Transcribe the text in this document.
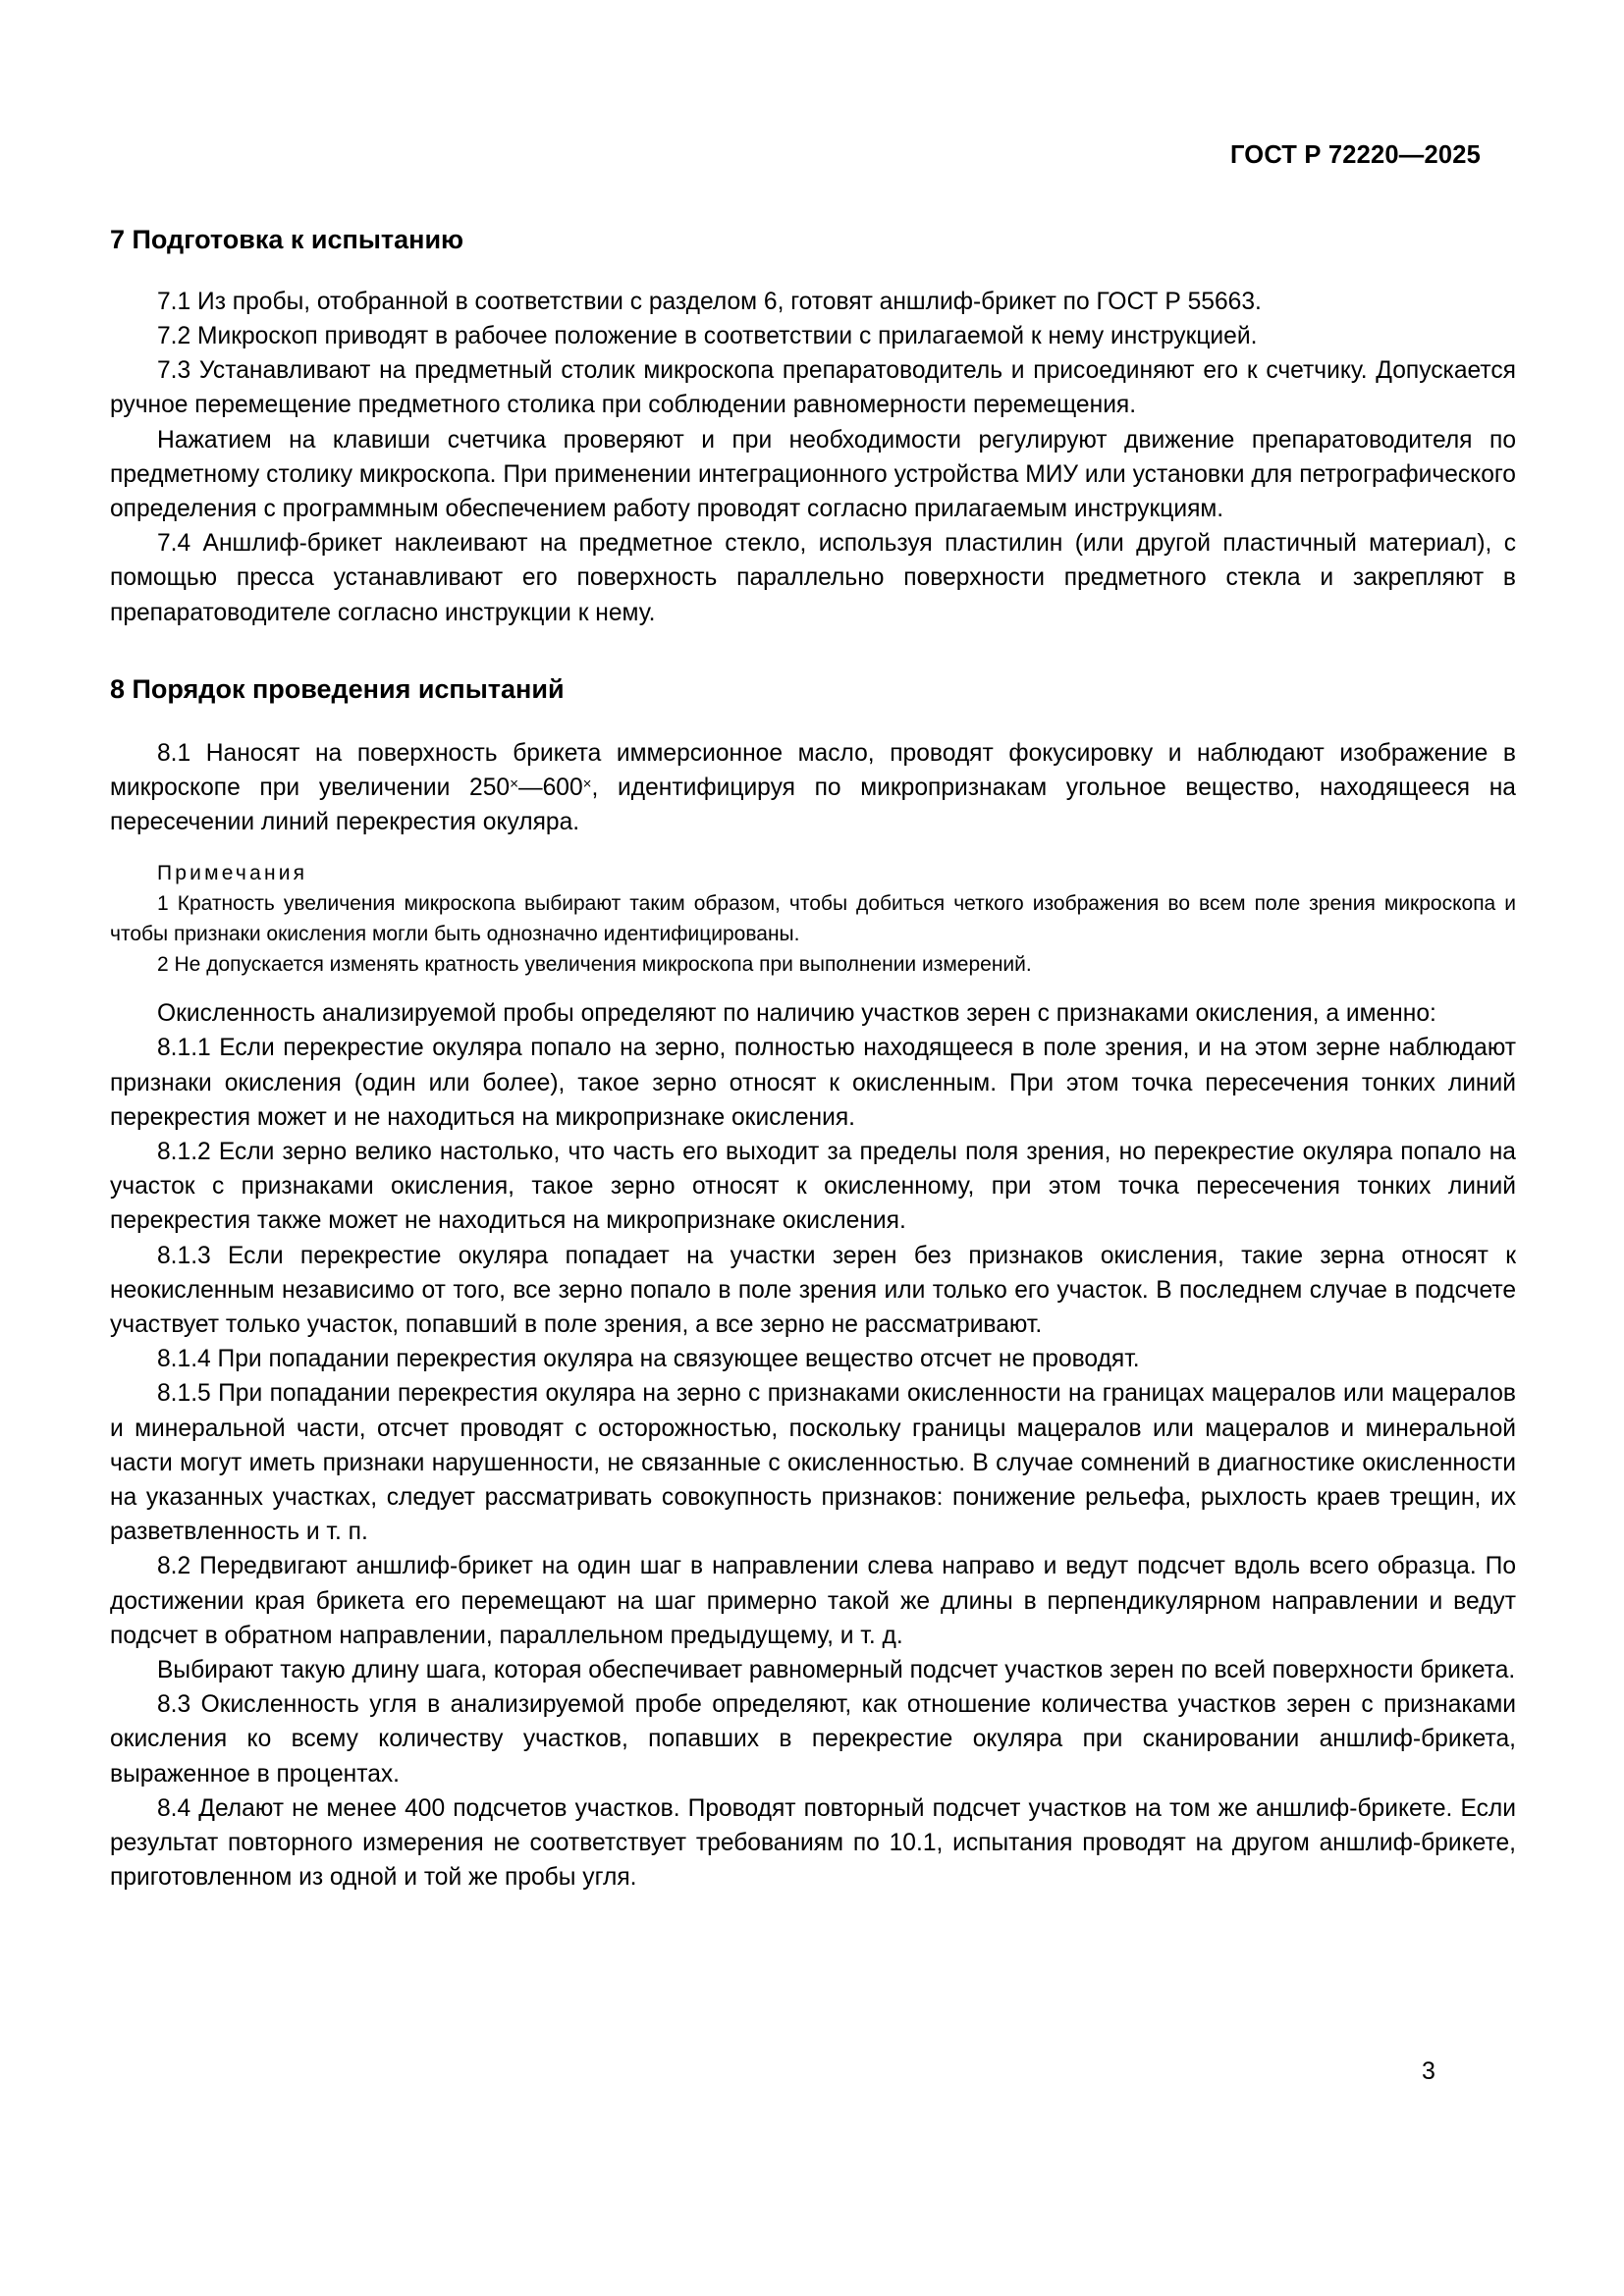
ГОСТ Р 72220—2025
7 Подготовка к испытанию

7.1 Из пробы, отобранной в соответствии с разделом 6, готовят аншлиф-брикет по ГОСТ Р 55663.

7.2 Микроскоп приводят в рабочее положение в соответствии с прилагаемой к нему инструкцией.

7.3 Устанавливают на предметный столик микроскопа препаратоводитель и присоединяют его к счетчику. Допускается ручное перемещение предметного столика при соблюдении равномерности перемещения.

Нажатием на клавиши счетчика проверяют и при необходимости регулируют движение препаратоводителя по предметному столику микроскопа. При применении интеграционного устройства МИУ или установки для петрографического определения с программным обеспечением работу проводят согласно прилагаемым инструкциям.

7.4 Аншлиф-брикет наклеивают на предметное стекло, используя пластилин (или другой пластичный материал), с помощью пресса устанавливают его поверхность параллельно поверхности предметного стекла и закрепляют в препаратоводителе согласно инструкции к нему.

8 Порядок проведения испытаний

8.1 Наносят на поверхность брикета иммерсионное масло, проводят фокусировку и наблюдают изображение в микроскопе при увеличении 250×—600×, идентифицируя по микропризнакам угольное вещество, находящееся на пересечении линий перекрестия окуляра.

Примечания

1 Кратность увеличения микроскопа выбирают таким образом, чтобы добиться четкого изображения во всем поле зрения микроскопа и чтобы признаки окисления могли быть однозначно идентифицированы.

2 Не допускается изменять кратность увеличения микроскопа при выполнении измерений.

Окисленность анализируемой пробы определяют по наличию участков зерен с признаками окисления, а именно:

8.1.1 Если перекрестие окуляра попало на зерно, полностью находящееся в поле зрения, и на этом зерне наблюдают признаки окисления (один или более), такое зерно относят к окисленным. При этом точка пересечения тонких линий перекрестия может и не находиться на микропризнаке окисления.

8.1.2 Если зерно велико настолько, что часть его выходит за пределы поля зрения, но перекрестие окуляра попало на участок с признаками окисления, такое зерно относят к окисленному, при этом точка пересечения тонких линий перекрестия также может не находиться на микропризнаке окисления.

8.1.3 Если перекрестие окуляра попадает на участки зерен без признаков окисления, такие зерна относят к неокисленным независимо от того, все зерно попало в поле зрения или только его участок. В последнем случае в подсчете участвует только участок, попавший в поле зрения, а все зерно не рассматривают.

8.1.4 При попадании перекрестия окуляра на связующее вещество отсчет не проводят.

8.1.5 При попадании перекрестия окуляра на зерно с признаками окисленности на границах мацералов или мацералов и минеральной части, отсчет проводят с осторожностью, поскольку границы мацералов или мацералов и минеральной части могут иметь признаки нарушенности, не связанные с окисленностью. В случае сомнений в диагностике окисленности на указанных участках, следует рассматривать совокупность признаков: понижение рельефа, рыхлость краев трещин, их разветвленность и т. п.

8.2 Передвигают аншлиф-брикет на один шаг в направлении слева направо и ведут подсчет вдоль всего образца. По достижении края брикета его перемещают на шаг примерно такой же длины в перпендикулярном направлении и ведут подсчет в обратном направлении, параллельном предыдущему, и т. д.

Выбирают такую длину шага, которая обеспечивает равномерный подсчет участков зерен по всей поверхности брикета.

8.3 Окисленность угля в анализируемой пробе определяют, как отношение количества участков зерен с признаками окисления ко всему количеству участков, попавших в перекрестие окуляра при сканировании аншлиф-брикета, выраженное в процентах.

8.4 Делают не менее 400 подсчетов участков. Проводят повторный подсчет участков на том же аншлиф-брикете. Если результат повторного измерения не соответствует требованиям по 10.1, испытания проводят на другом аншлиф-брикете, приготовленном из одной и той же пробы угля.

3
